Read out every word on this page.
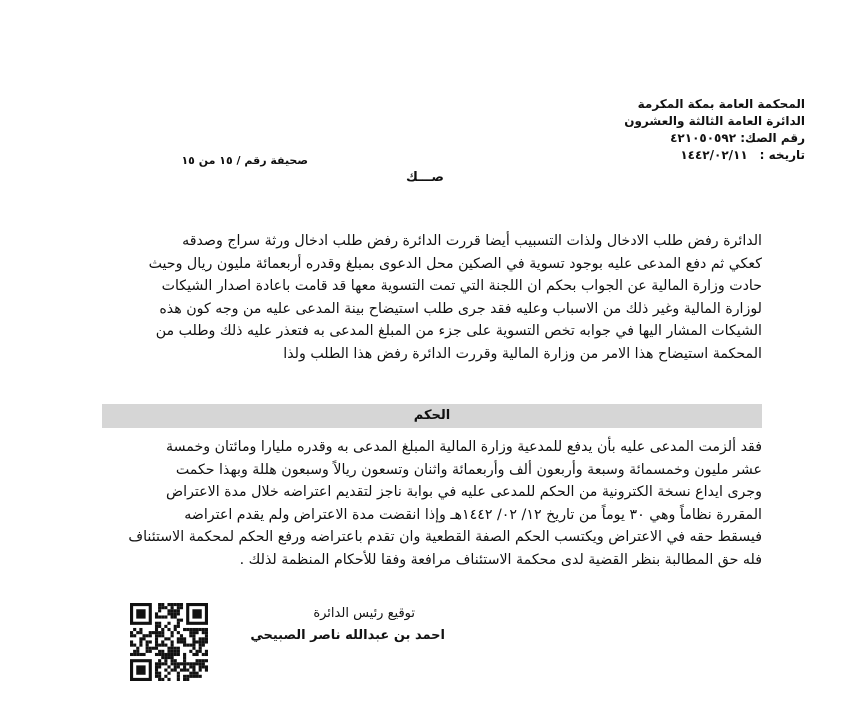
المحكمة العامة بمكة المكرمة
الدائرة العامة الثالثة والعشرون
رقم الصك: ٤٢١٠٥٠٥٩٢
تاريخه :
١٤٤٢/٠٢/١١
صحيفة رقم / ١٥ من ١٥
صـــك
الدائرة رفض طلب الادخال ولذات التسبيب أيضا قررت الدائرة رفض طلب ادخال ورثة سراج وصدقه
كعكي ثم دفع المدعى عليه بوجود تسوية في الصكين محل الدعوى بمبلغ وقدره أربعمائة مليون ريال وحيث
حادت وزارة المالية عن الجواب بحكم ان اللجنة التي تمت التسوية معها قد قامت باعادة اصدار الشيكات
لوزارة المالية وغير ذلك من الاسباب وعليه فقد جرى طلب استيضاح بينة المدعى عليه من وجه كون هذه
الشيكات المشار اليها في جوابه تخص التسوية على جزء من المبلغ المدعى به فتعذر عليه ذلك وطلب من
المحكمة استيضاح هذا الامر من وزارة المالية وقررت الدائرة رفض هذا الطلب ولذا
الحكم
فقد ألزمت المدعى عليه بأن يدفع للمدعية وزارة المالية المبلغ المدعى به وقدره مليارا ومائتان وخمسة
عشر مليون وخمسمائة وسبعة وأربعون ألف وأربعمائة واثنان وتسعون ريالاً وسبعون هللة وبهذا حكمت
وجرى ايداع نسخة الكترونية من الحكم للمدعى عليه في بوابة ناجز لتقديم اعتراضه خلال مدة الاعتراض
المقررة نظاماً وهي ٣٠ يوماً من تاريخ ١٢/ ٠٢/ ١٤٤٢هـ وإذا انقضت مدة الاعتراض ولم يقدم اعتراضه
فيسقط حقه في الاعتراض ويكتسب الحكم الصفة القطعية وان تقدم باعتراضه ورفع الحكم لمحكمة الاستئناف
فله حق المطالبة بنظر القضية لدى محكمة الاستئناف مرافعة وفقا للأحكام المنظمة لذلك .
توقيع رئيس الدائرة
احمد بن عبدالله ناصر الصبيحي
